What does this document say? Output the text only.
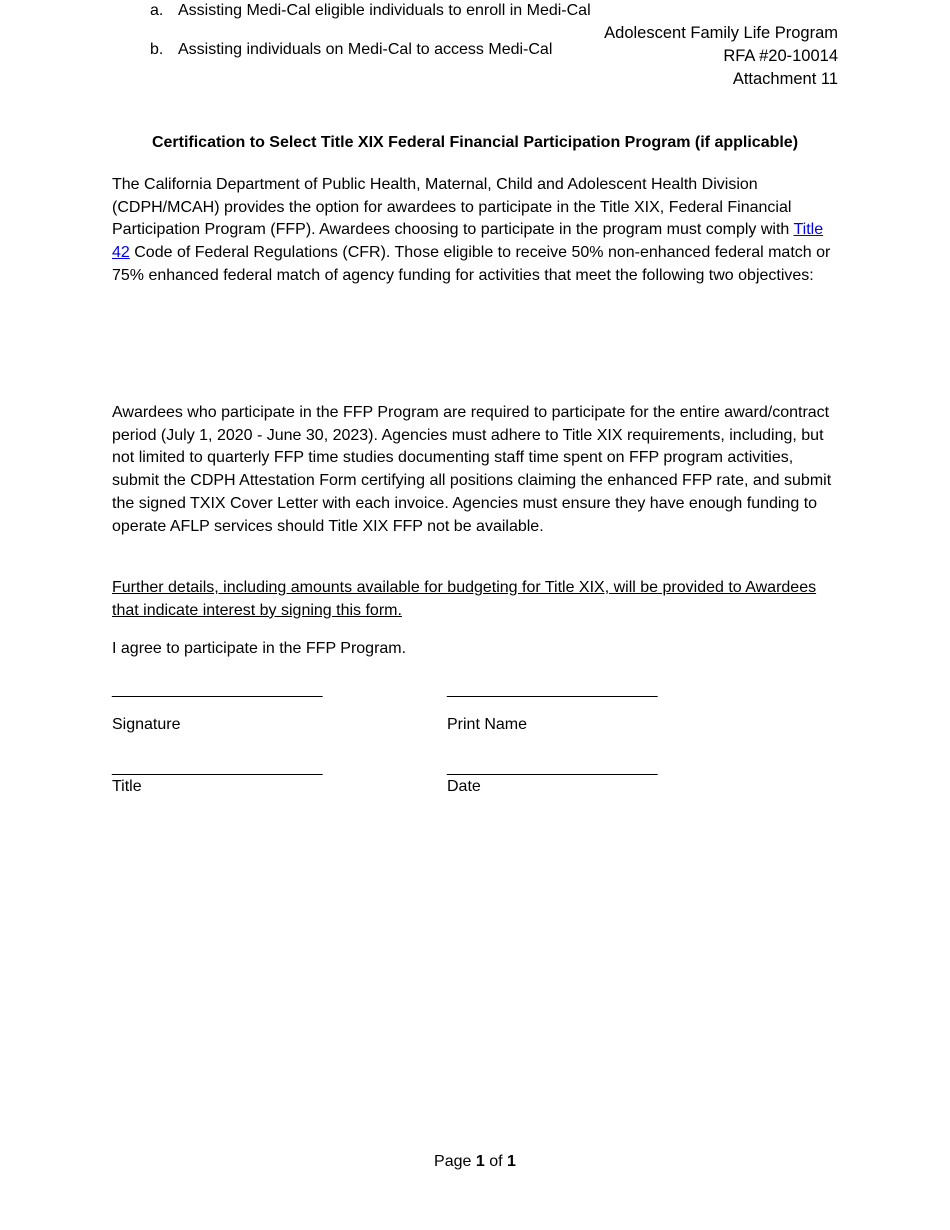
Adolescent Family Life Program
RFA #20-10014
Attachment 11
Certification to Select Title XIX Federal Financial Participation Program (if applicable)
The California Department of Public Health, Maternal, Child and Adolescent Health Division (CDPH/MCAH) provides the option for awardees to participate in the Title XIX, Federal Financial Participation Program (FFP). Awardees choosing to participate in the program must comply with Title 42 Code of Federal Regulations (CFR). Those eligible to receive 50% non-enhanced federal match or 75% enhanced federal match of agency funding for activities that meet the following two objectives:
a. Assisting Medi-Cal eligible individuals to enroll in Medi-Cal
b. Assisting individuals on Medi-Cal to access Medi-Cal
Awardees who participate in the FFP Program are required to participate for the entire award/contract period (July 1, 2020 - June 30, 2023). Agencies must adhere to Title XIX requirements, including, but not limited to quarterly FFP time studies documenting staff time spent on FFP program activities, submit the CDPH Attestation Form certifying all positions claiming the enhanced FFP rate, and submit the signed TXIX Cover Letter with each invoice. Agencies must ensure they have enough funding to operate AFLP services should Title XIX FFP not be available.
Further details, including amounts available for budgeting for Title XIX, will be provided to Awardees that indicate interest by signing this form.
I agree to participate in the FFP Program.
_________________________	_________________________
Signature	Print Name
_________________________	_________________________
Title	Date
Page 1 of 1
